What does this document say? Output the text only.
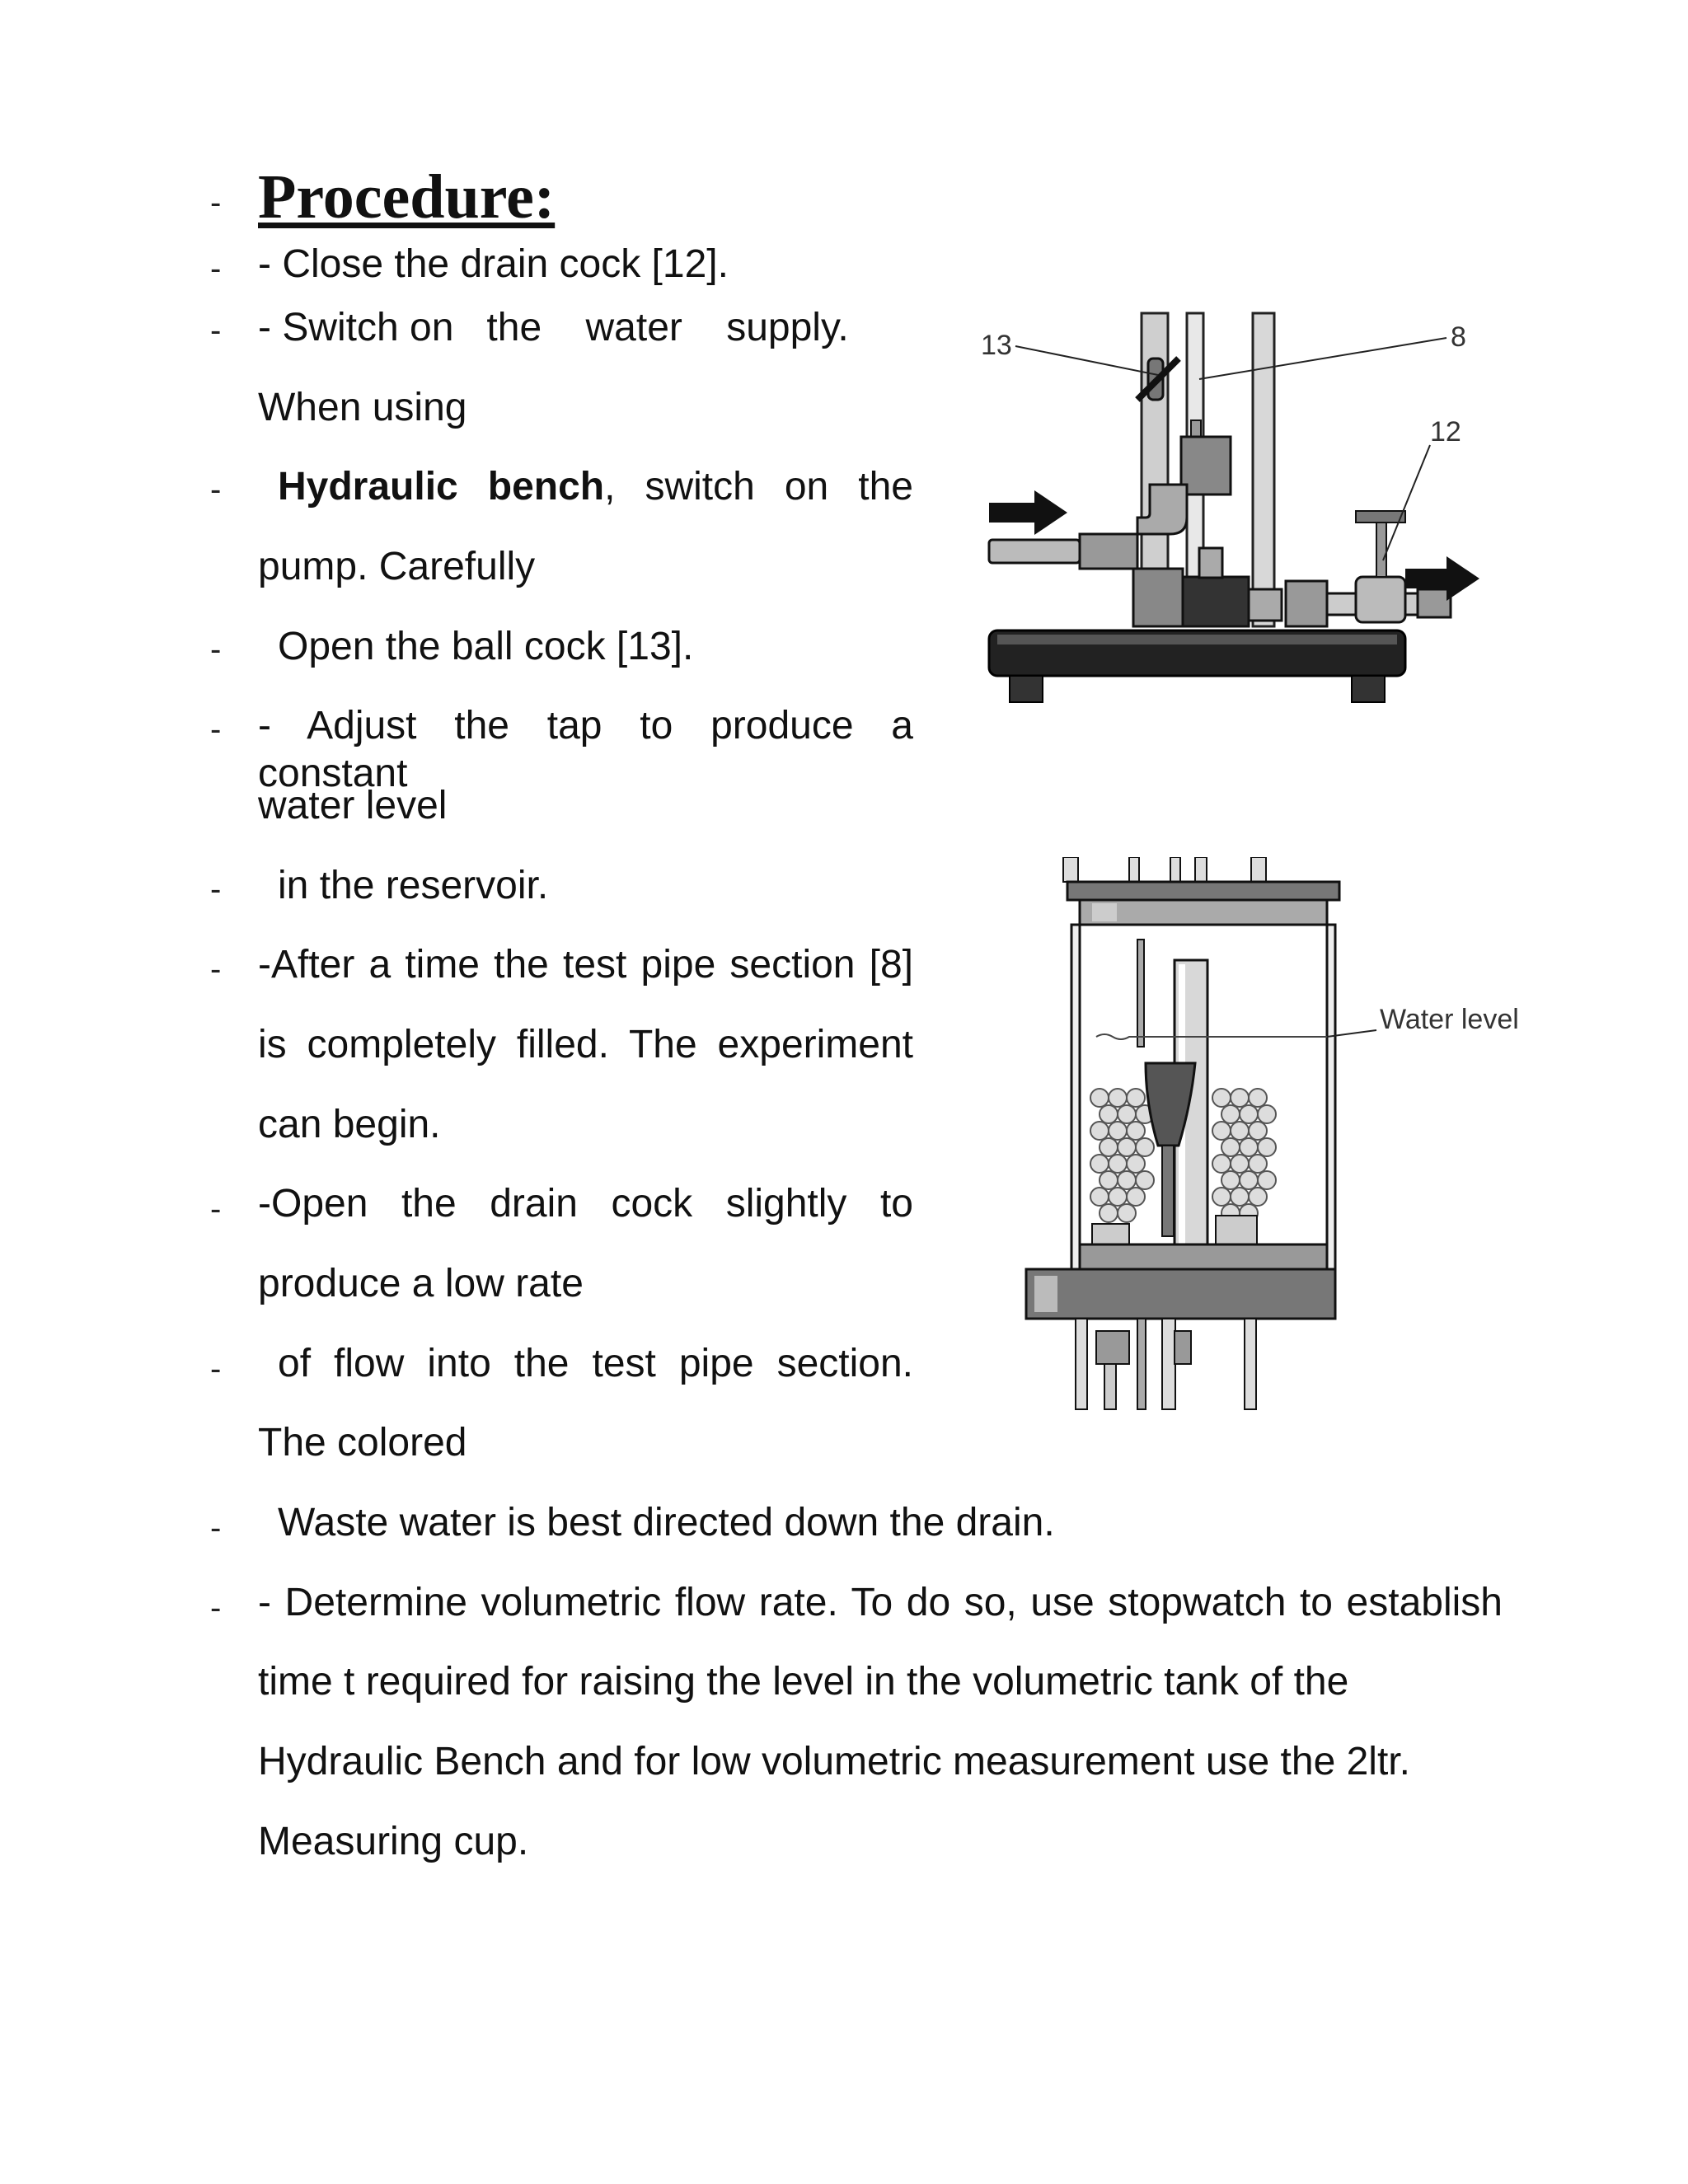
-
-
-
-
-
-
-
-
-
-
-
-
Procedure:
- Close the drain cock [12].
- Switch on   the    water    supply.
When using
Hydraulic bench, switch on the
pump. Carefully
Open the ball cock [13].
- Adjust the tap to produce a constant
water level
in the reservoir.
-After a time the test pipe section [8]
is completely filled. The experiment
can begin.
-Open the drain cock slightly to
produce a low rate
of flow into the test pipe section.
The colored
Waste water is best directed down the drain.
- Determine volumetric flow rate. To do so, use stopwatch to establish
time t required for raising the level in the volumetric tank of the
Hydraulic Bench and for low volumetric measurement use the 2ltr.
Measuring cup.
13	8
12
Water level
